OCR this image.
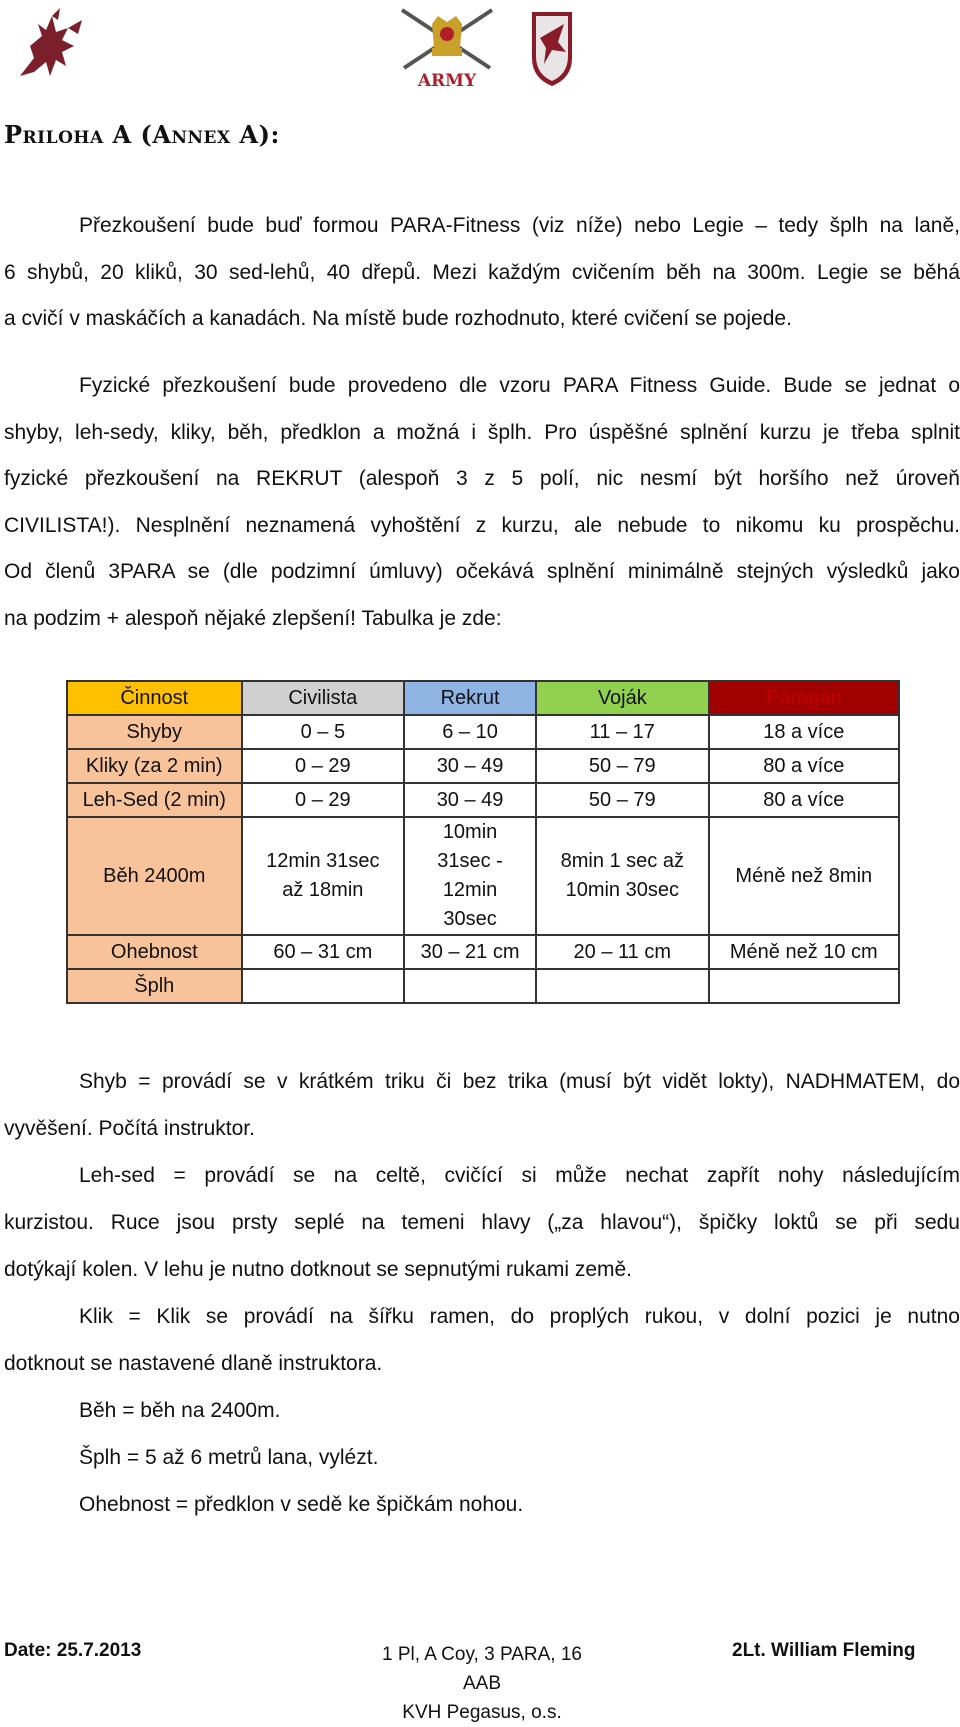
ARMY
Priloha A (Annex A):
Přezkoušení bude buď formou PARA-Fitness (viz níže) nebo Legie – tedy šplh na laně,
6 shybů, 20 kliků, 30 sed-lehů, 40 dřepů. Mezi každým cvičením běh na 300m. Legie se běhá
a cvičí v maskáčích a kanadách. Na místě bude rozhodnuto, které cvičení se pojede.
Fyzické přezkoušení bude provedeno dle vzoru PARA Fitness Guide. Bude se jednat o
shyby, leh-sedy, kliky, běh, předklon a možná i šplh. Pro úspěšné splnění kurzu je třeba splnit
fyzické přezkoušení na REKRUT (alespoň 3 z 5 polí, nic nesmí být horšího než úroveň
CIVILISTA!). Nesplnění neznamená vyhoštění z kurzu, ale nebude to nikomu ku prospěchu.
Od členů 3PARA se (dle podzimní úmluvy) očekává splnění minimálně stejných výsledků jako
na podzim + alespoň nějaké zlepšení! Tabulka je zde:
Činnost	Civilista	Rekrut	Voják	Paragán
Shyby	0 – 5	6 – 10	11 – 17	18 a více
Kliky (za 2 min)	0 – 29	30 – 49	50 – 79	80 a více
Leh-Sed (2 min)	0 – 29	30 – 49	50 – 79	80 a více
Běh 2400m	12min 31sec až 18min	10min 31sec - 12min 30sec	8min 1 sec až 10min 30sec	Méně než 8min
Ohebnost	60 – 31 cm	30 – 21 cm	20 – 11 cm	Méně než 10 cm
Šplh				

Shyb = provádí se v krátkém triku či bez trika (musí být vidět lokty), NADHMATEM, do

vyvěšení. Počítá instruktor.

Leh-sed = provádí se na celtě, cvičící si může nechat zapřít nohy následujícím

kurzistou. Ruce jsou prsty seplé na temeni hlavy („za hlavou“), špičky loktů se při sedu

dotýkají kolen. V lehu je nutno dotknout se sepnutými rukami země.

Klik = Klik se provádí na šířku ramen, do proplých rukou, v dolní pozici je nutno

dotknout se nastavené dlaně instruktora.

Běh = běh na 2400m.

Šplh = 5 až 6 metrů lana, vylézt.

Ohebnost = předklon v sedě ke špičkám nohou.

Date: 25.7.2013	1 Pl, A Coy, 3 PARA, 16 AAB
KVH Pegasus, o.s.
2Lt. William Fleming
